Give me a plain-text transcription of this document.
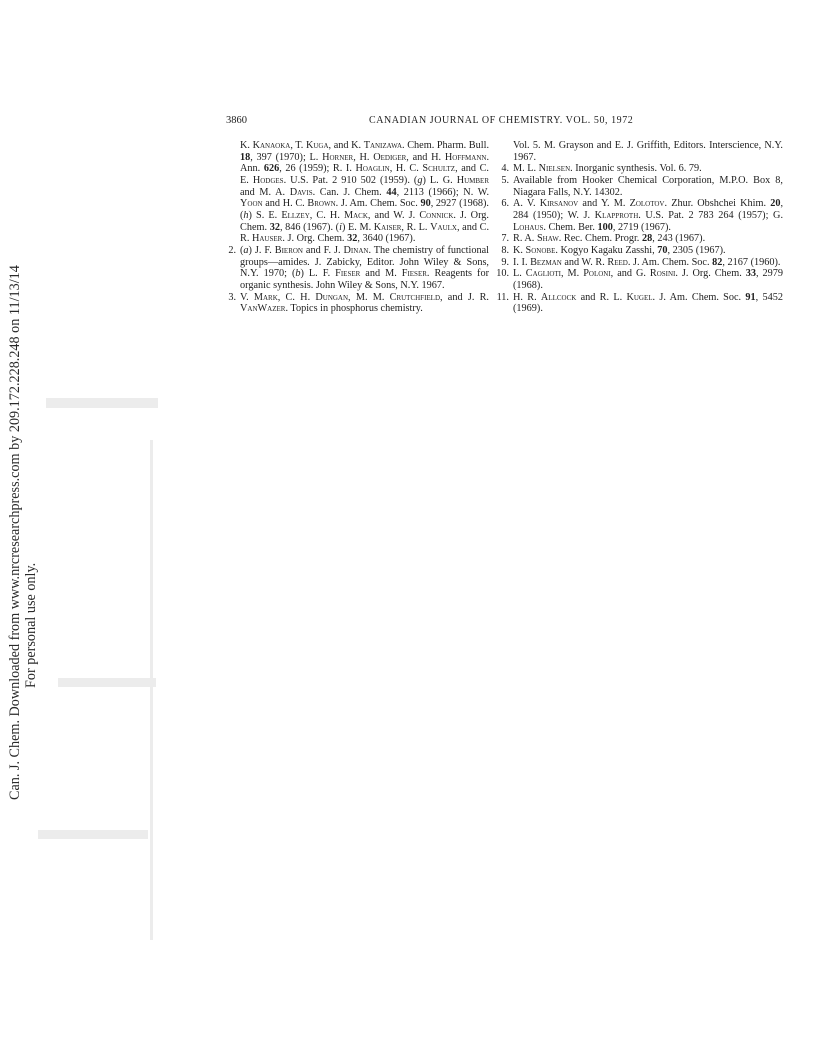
Can. J. Chem. Downloaded from www.nrcresearchpress.com by 209.172.228.248 on 11/13/14 For personal use only.
3860	CANADIAN JOURNAL OF CHEMISTRY. VOL. 50, 1972
K. Kanaoka, T. Kuga, and K. Tanizawa. Chem. Pharm. Bull. 18, 397 (1970); L. Horner, H. Oediger, and H. Hoffmann. Ann. 626, 26 (1959); R. I. Hoaglin, H. C. Schultz, and C. E. Hodges. U.S. Pat. 2 910 502 (1959). (g) L. G. Humber and M. A. Davis. Can. J. Chem. 44, 2113 (1966); N. W. Yoon and H. C. Brown. J. Am. Chem. Soc. 90, 2927 (1968). (h) S. E. Ellzey, C. H. Mack, and W. J. Connick. J. Org. Chem. 32, 846 (1967). (i) E. M. Kaiser, R. L. Vaulx, and C. R. Hauser. J. Org. Chem. 32, 3640 (1967).
2. (a) J. F. Bieron and F. J. Dinan. The chemistry of functional groups—amides. J. Zabicky, Editor. John Wiley & Sons, N.Y. 1970; (b) L. F. Fieser and M. Fieser. Reagents for organic synthesis. John Wiley & Sons, N.Y. 1967.
3. V. Mark, C. H. Dungan, M. M. Crutchfield, and J. R. VanWazer. Topics in phosphorus chemistry.
Vol. 5. M. Grayson and E. J. Griffith, Editors. Interscience, N.Y. 1967.
4. M. L. Nielsen. Inorganic synthesis. Vol. 6. 79.
5. Available from Hooker Chemical Corporation, M.P.O. Box 8, Niagara Falls, N.Y. 14302.
6. A. V. Kirsanov and Y. M. Zolotov. Zhur. Obshchei Khim. 20, 284 (1950); W. J. Klapproth. U.S. Pat. 2 783 264 (1957); G. Lohaus. Chem. Ber. 100, 2719 (1967).
7. R. A. Shaw. Rec. Chem. Progr. 28, 243 (1967).
8. K. Sonobe. Kogyo Kagaku Zasshi, 70, 2305 (1967).
9. I. I. Bezman and W. R. Reed. J. Am. Chem. Soc. 82, 2167 (1960).
10. L. Caglioti, M. Poloni, and G. Rosini. J. Org. Chem. 33, 2979 (1968).
11. H. R. Allcock and R. L. Kugel. J. Am. Chem. Soc. 91, 5452 (1969).
